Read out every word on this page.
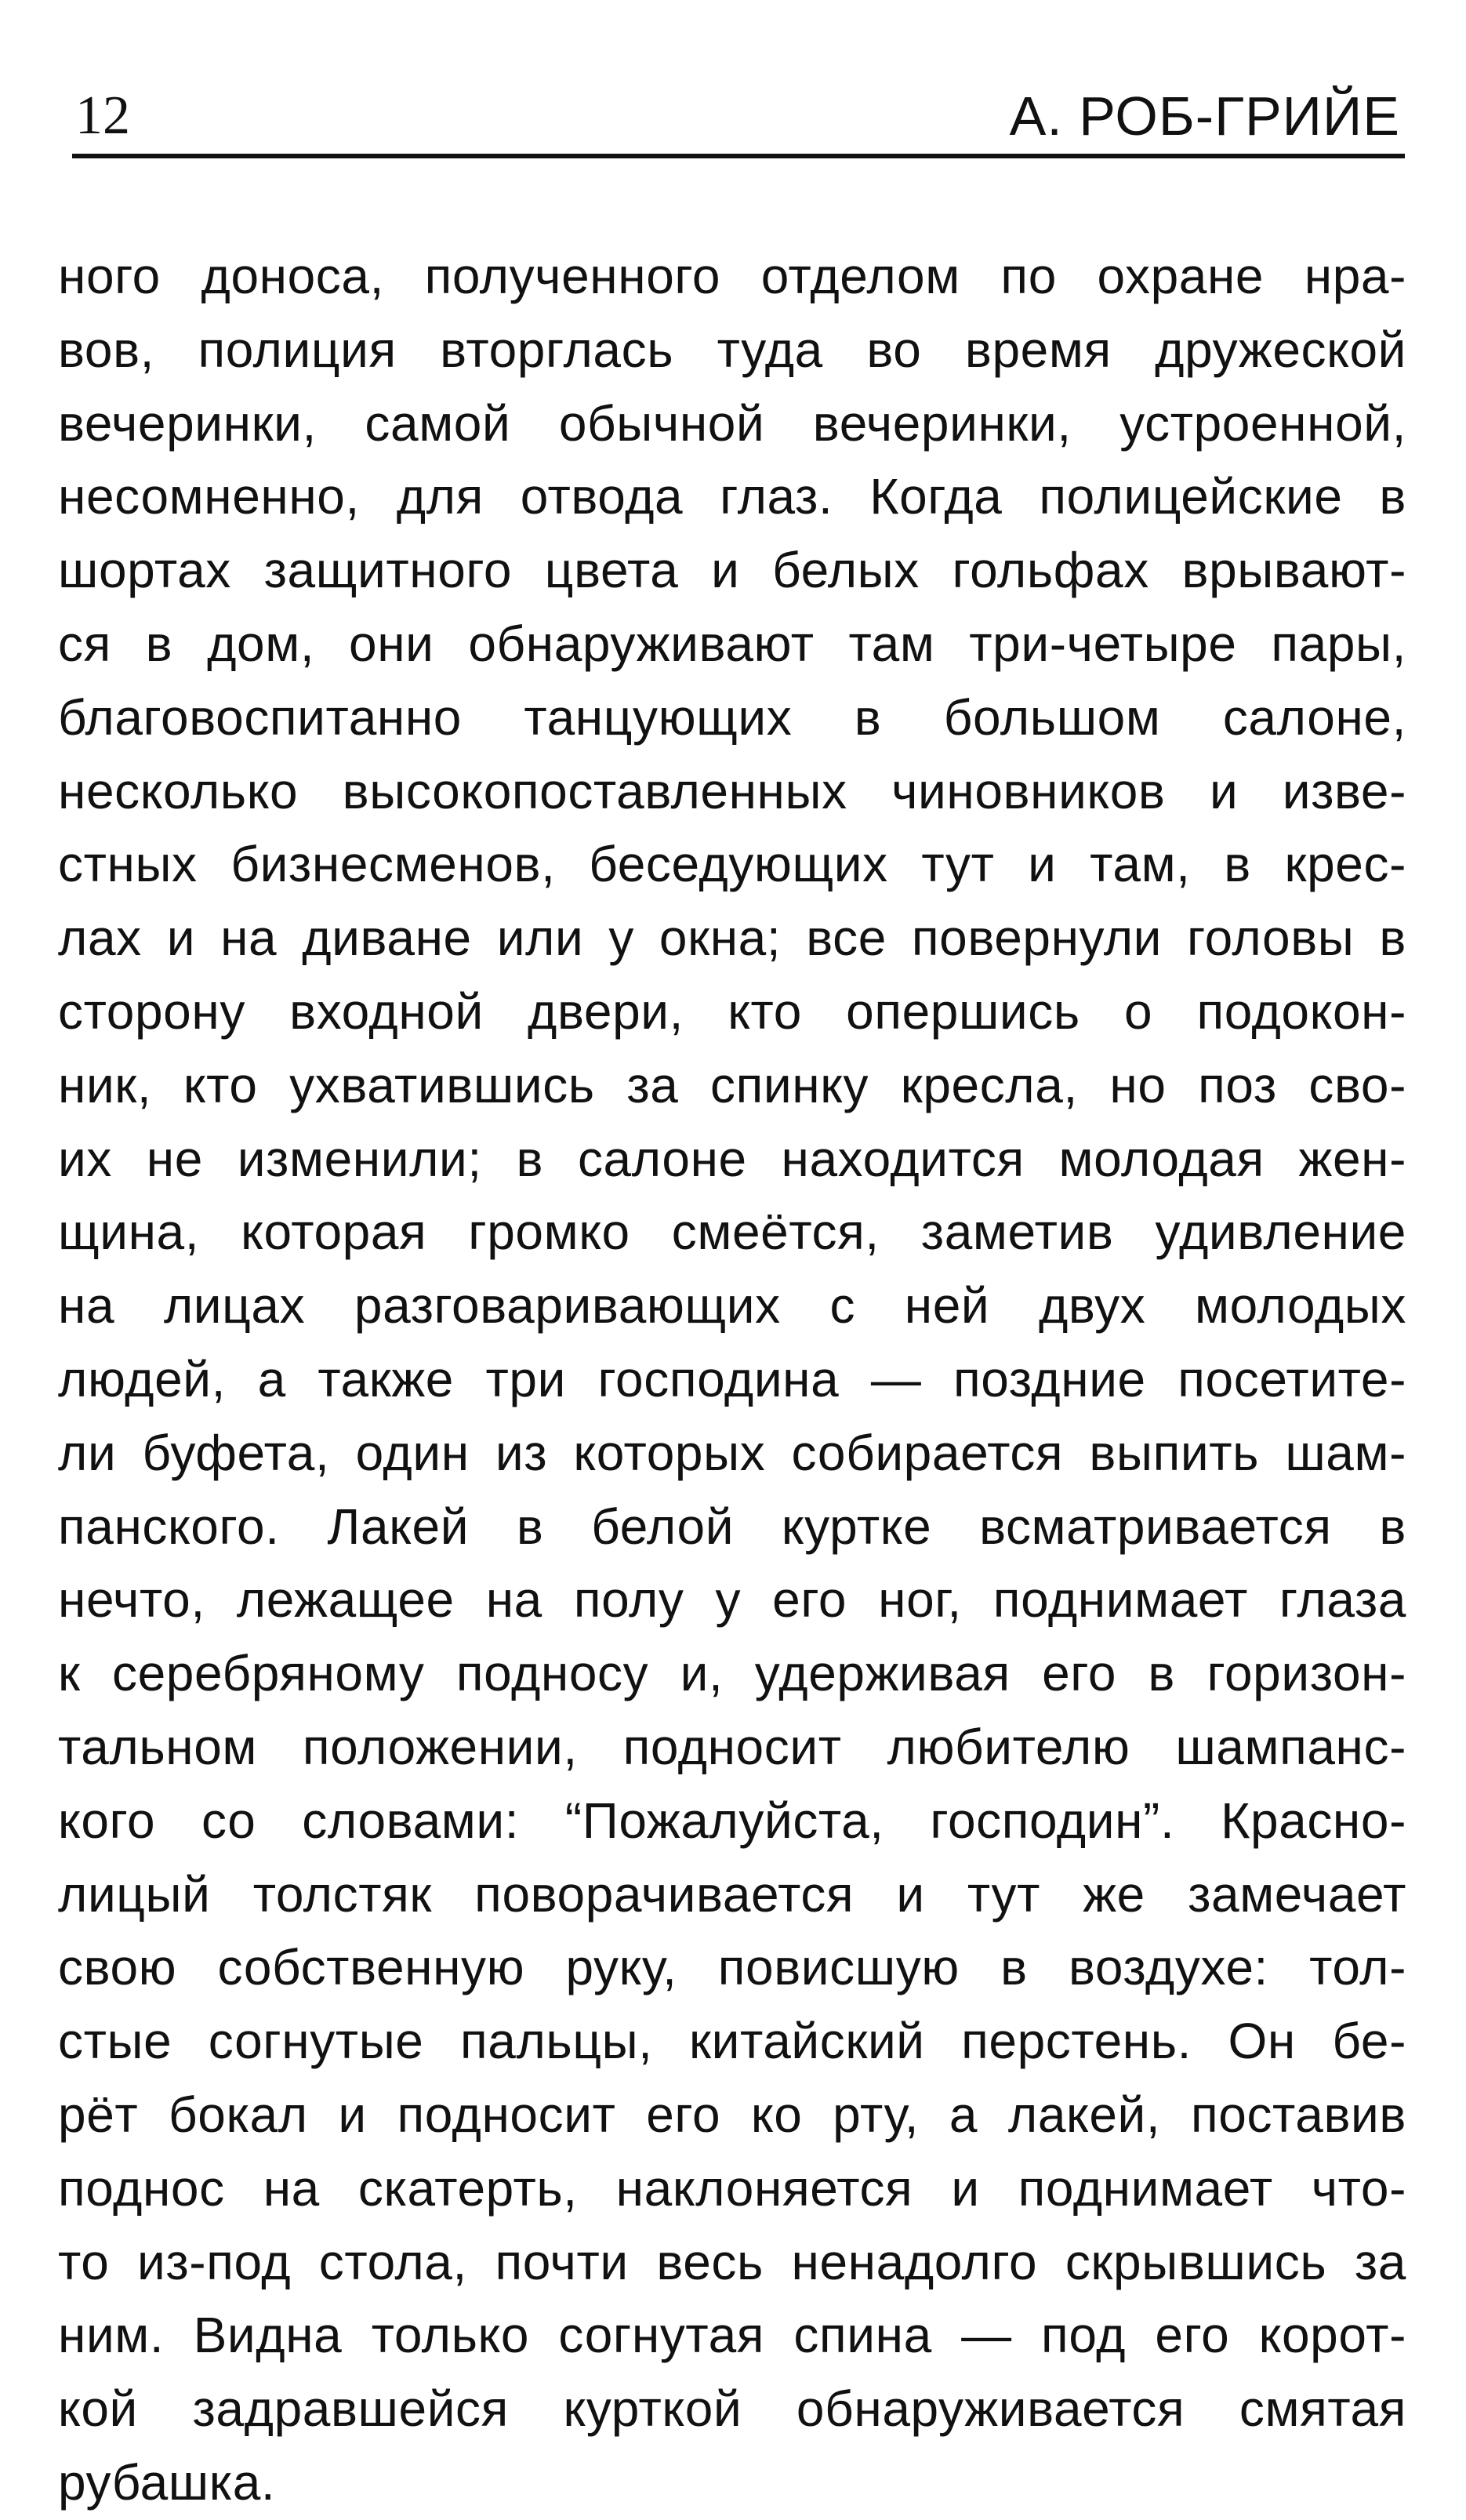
12	А. РОБ-ГРИЙЕ
ного доноса, полученного отделом по охране нра-
вов, полиция вторглась туда во время дружеской
вечеринки, самой обычной вечеринки, устроенной,
несомненно, для отвода глаз. Когда полицейские в
шортах защитного цвета и белых гольфах врывают-
ся в дом, они обнаруживают там три-четыре пары,
благовоспитанно танцующих в большом салоне,
несколько высокопоставленных чиновников и изве-
стных бизнесменов, беседующих тут и там, в крес-
лах и на диване или у окна; все повернули головы в
сторону входной двери, кто опершись о подокон-
ник, кто ухватившись за спинку кресла, но поз сво-
их не изменили; в салоне находится молодая жен-
щина, которая громко смеётся, заметив удивление
на лицах разговаривающих с ней двух молодых
людей, а также три господина — поздние посетите-
ли буфета, один из которых собирается выпить шам-
панского. Лакей в белой куртке всматривается в
нечто, лежащее на полу у его ног, поднимает глаза
к серебряному подносу и, удерживая его в горизон-
тальном положении, подносит любителю шампанс-
кого со словами: “Пожалуйста, господин”. Красно-
лицый толстяк поворачивается и тут же замечает
свою собственную руку, повисшую в воздухе: тол-
стые согнутые пальцы, китайский перстень. Он бе-
рёт бокал и подносит его ко рту, а лакей, поставив
поднос на скатерть, наклоняется и поднимает что-
то из-под стола, почти весь ненадолго скрывшись за
ним. Видна только согнутая спина — под его корот-
кой задравшейся курткой обнаруживается смятая
рубашка.
